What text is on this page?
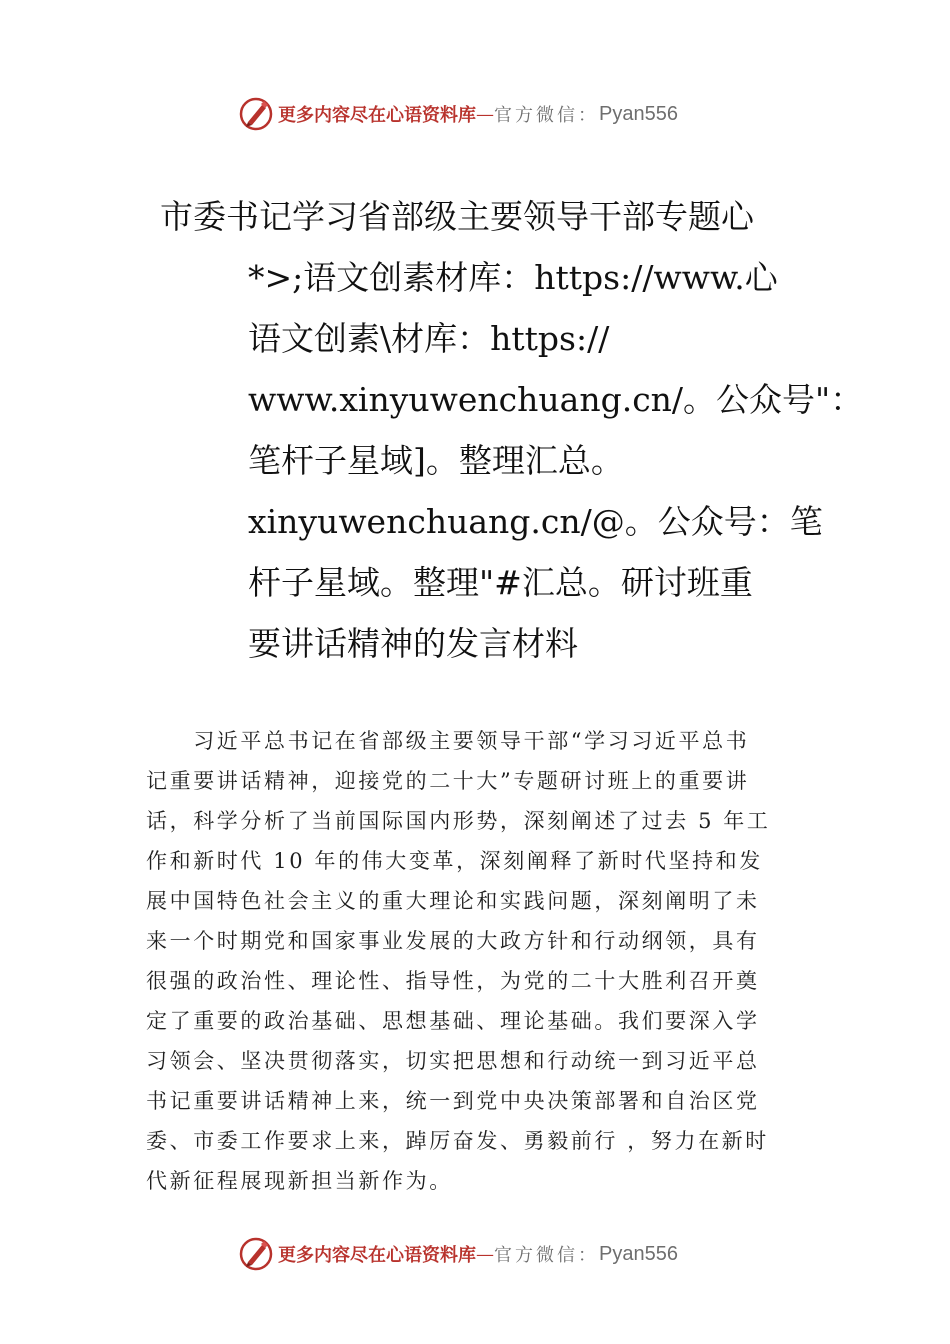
更多内容尽在心语资料库 — 官方微信： Pyan556
市委书记学习省部级主要领导干部专题心
*>;语文创素材库：https://www.心
语文创素\材库：https://
www.xinyuwenchuang.cn/。公众号"：
笔杆子星域]。整理汇总。
xinyuwenchuang.cn/@。公众号：笔
杆子星域。整理"#汇总。研讨班重
要讲话精神的发言材料
　　习近平总书记在省部级主要领导干部“学习习近平总书
记重要讲话精神，迎接党的二十大”专题研讨班上的重要讲
话，科学分析了当前国际国内形势，深刻阐述了过去 5 年工
作和新时代 10 年的伟大变革，深刻阐释了新时代坚持和发
展中国特色社会主义的重大理论和实践问题，深刻阐明了未
来一个时期党和国家事业发展的大政方针和行动纲领，具有
很强的政治性、理论性、指导性，为党的二十大胜利召开奠
定了重要的政治基础、思想基础、理论基础。我们要深入学
习领会、坚决贯彻落实，切实把思想和行动统一到习近平总
书记重要讲话精神上来，统一到党中央决策部署和自治区党
委、市委工作要求上来，踔厉奋发、勇毅前行 ，努力在新时
代新征程展现新担当新作为。
更多内容尽在心语资料库 — 官方微信： Pyan556
